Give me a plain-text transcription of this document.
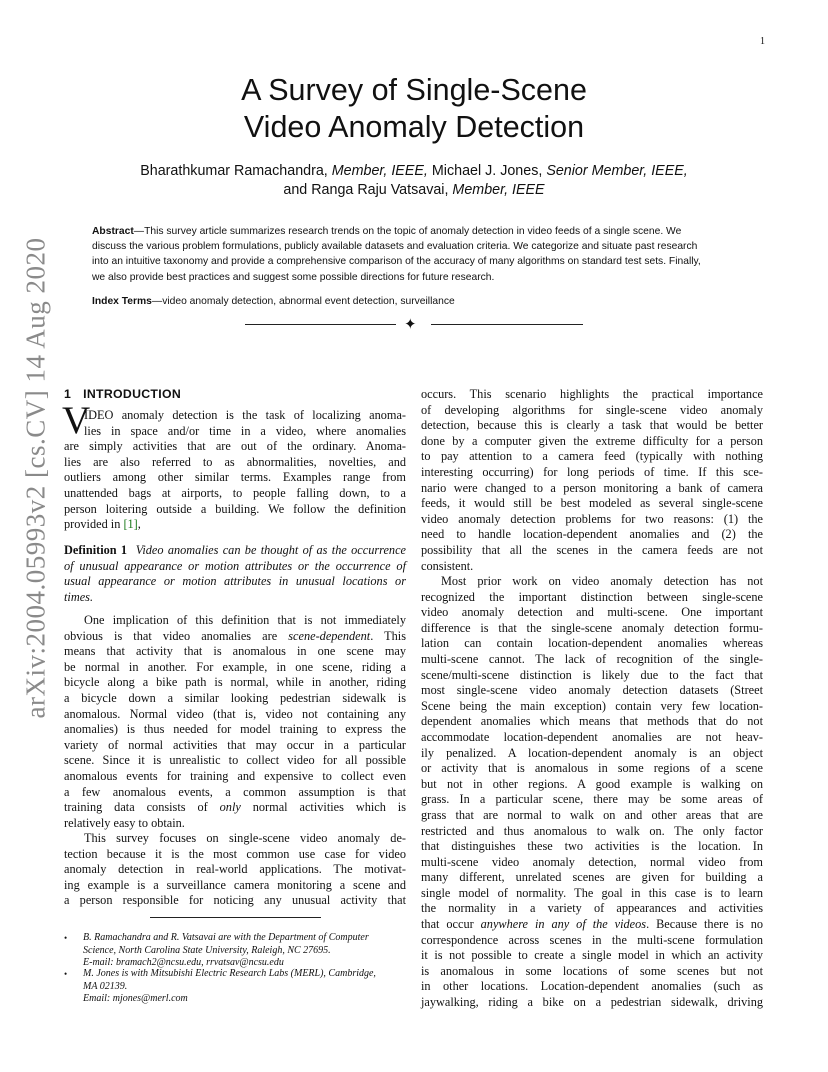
1
arXiv:2004.05993v2 [cs.CV] 14 Aug 2020
A Survey of Single-Scene
Video Anomaly Detection
Bharathkumar Ramachandra, Member, IEEE, Michael J. Jones, Senior Member, IEEE,
and Ranga Raju Vatsavai, Member, IEEE
Abstract—This survey article summarizes research trends on the topic of anomaly detection in video feeds of a single scene. We
discuss the various problem formulations, publicly available datasets and evaluation criteria. We categorize and situate past research
into an intuitive taxonomy and provide a comprehensive comparison of the accuracy of many algorithms on standard test sets. Finally,
we also provide best practices and suggest some possible directions for future research.
Index Terms—video anomaly detection, abnormal event detection, surveillance
✦
1 INTRODUCTION
V
IDEO anomaly detection is the task of localizing anoma-
lies in space and/or time in a video, where anomalies
are simply activities that are out of the ordinary. Anoma-
lies are also referred to as abnormalities, novelties, and
outliers among other similar terms. Examples range from
unattended bags at airports, to people falling down, to a
person loitering outside a building. We follow the definition
provided in [1],
Definition 1 Video anomalies can be thought of as the occurrence
of unusual appearance or motion attributes or the occurrence of
usual appearance or motion attributes in unusual locations or
times.
One implication of this definition that is not immediately
obvious is that video anomalies are scene-dependent. This
means that activity that is anomalous in one scene may
be normal in another. For example, in one scene, riding a
bicycle along a bike path is normal, while in another, riding
a bicycle down a similar looking pedestrian sidewalk is
anomalous. Normal video (that is, video not containing any
anomalies) is thus needed for model training to express the
variety of normal activities that may occur in a particular
scene. Since it is unrealistic to collect video for all possible
anomalous events for training and expensive to collect even
a few anomalous events, a common assumption is that
training data consists of only normal activities which is
relatively easy to obtain.
This survey focuses on single-scene video anomaly de-
tection because it is the most common use case for video
anomaly detection in real-world applications. The motivat-
ing example is a surveillance camera monitoring a scene and
a person responsible for noticing any unusual activity that
• B. Ramachandra and R. Vatsavai are with the Department of Computer
Science, North Carolina State University, Raleigh, NC 27695.
E-mail: bramach2@ncsu.edu, rrvatsav@ncsu.edu
• M. Jones is with Mitsubishi Electric Research Labs (MERL), Cambridge,
MA 02139.
Email: mjones@merl.com
occurs. This scenario highlights the practical importance
of developing algorithms for single-scene video anomaly
detection, because this is clearly a task that would be better
done by a computer given the extreme difficulty for a person
to pay attention to a camera feed (typically with nothing
interesting occurring) for long periods of time. If this sce-
nario were changed to a person monitoring a bank of camera
feeds, it would still be best modeled as several single-scene
video anomaly detection problems for two reasons: (1) the
need to handle location-dependent anomalies and (2) the
possibility that all the scenes in the camera feeds are not
consistent.
Most prior work on video anomaly detection has not
recognized the important distinction between single-scene
video anomaly detection and multi-scene. One important
difference is that the single-scene anomaly detection formu-
lation can contain location-dependent anomalies whereas
multi-scene cannot. The lack of recognition of the single-
scene/multi-scene distinction is likely due to the fact that
most single-scene video anomaly detection datasets (Street
Scene being the main exception) contain very few location-
dependent anomalies which means that methods that do not
accommodate location-dependent anomalies are not heav-
ily penalized. A location-dependent anomaly is an object
or activity that is anomalous in some regions of a scene
but not in other regions. A good example is walking on
grass. In a particular scene, there may be some areas of
grass that are normal to walk on and other areas that are
restricted and thus anomalous to walk on. The only factor
that distinguishes these two activities is the location. In
multi-scene video anomaly detection, normal video from
many different, unrelated scenes are given for building a
single model of normality. The goal in this case is to learn
the normality in a variety of appearances and activities
that occur anywhere in any of the videos. Because there is no
correspondence across scenes in the multi-scene formulation
it is not possible to create a single model in which an activity
is anomalous in some locations of some scenes but not
in other locations. Location-dependent anomalies (such as
jaywalking, riding a bike on a pedestrian sidewalk, driving
